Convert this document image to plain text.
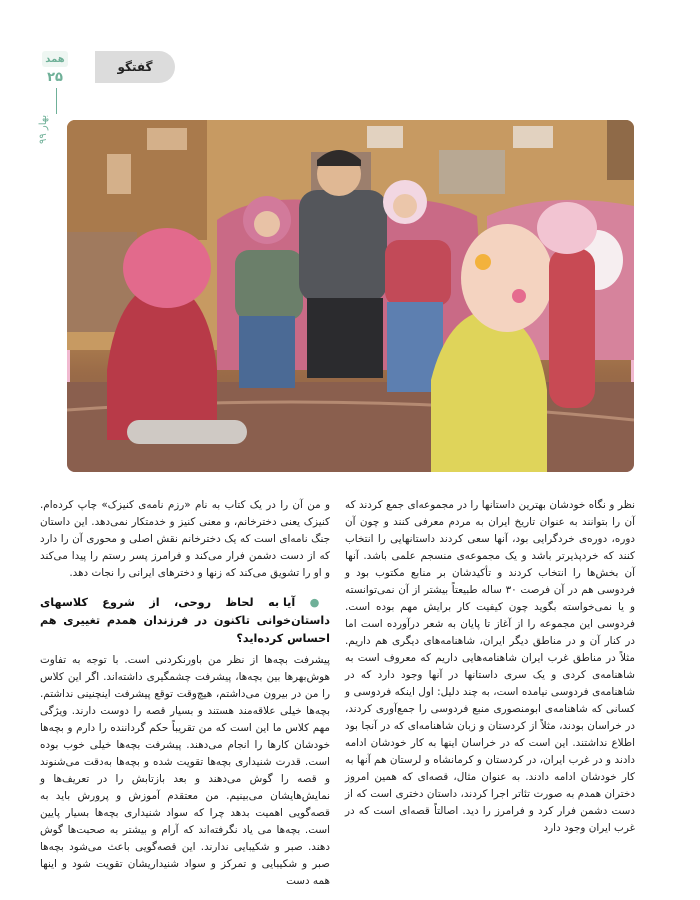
گفتگو
همد
۲۵
بهار ۹۹

نظر و نگاه خودشان بهترین داستانها را در مجموعه‌ای جمع کردند که آن را بتوانند به عنوان تاریخ ایران به مردم معرفی کنند و چون آن دوره، دوره‌ی خردگرایی بود، آنها سعی کردند داستانهایی را انتخاب کنند که خردپذیرتر باشد و یک مجموعه‌ی منسجم علمی باشد. آنها آن بخش‌ها را انتخاب کردند و تأکیدشان بر منابع مکتوب بود و فردوسی هم در آن فرصت ۳۰ ساله طبیعتاً بیشتر از آن نمی‌توانسته و یا نمی‌خواسته بگوید چون کیفیت کار برایش مهم بوده است. فردوسی این مجموعه را از آغاز تا پایان به شعر درآورده است اما در کنار آن و در مناطق دیگر ایران، شاهنامه‌های دیگری هم داریم. مثلاً در مناطق غرب ایران شاهنامه‌هایی داریم که معروف است به شاهنامه‌ی کردی و یک سری داستانها در آنها وجود دارد که در شاهنامه‌ی فردوسی نیامده است، به چند دلیل: اول اینکه فردوسی و کسانی که شاهنامه‌ی ابومنصوری منبع فردوسی را جمع‌آوری کردند، در خراسان بودند، مثلاً از کردستان و زبان شاهنامه‌ای که در آنجا بود اطلاع نداشتند. این است که در خراسان اینها به کار خودشان ادامه دادند و در غرب ایران، در کردستان و کرمانشاه و لرستان هم آنها به کار خودشان ادامه دادند. به عنوان مثال، قصه‌ای که همین امروز دختران همدم به صورت تئاتر اجرا کردند، داستان دختری است که از دست دشمن فرار کرد و فرامرز را دید. اصالتاً قصه‌ای است که در غرب ایران وجود دارد

و من آن را در یک کتاب به نام «رزم نامه‌ی کنیزک» چاپ کرده‌ام. کنیزک یعنی دخترخانم، و معنی کنیز و خدمتکار نمی‌دهد. این داستان جنگ نامه‌ای است که یک دخترخانم نقش اصلی و محوری آن را دارد که از دست دشمن فرار می‌کند و فرامرز پسر رستم را پیدا می‌کند و او را تشویق می‌کند که زنها و دخترهای ایرانی را نجات دهد.

● آیا به لحاظ روحی، از شروع کلاسهای داستان‌خوانی تاکنون در فرزندان همدم تغییری هم احساس کرده‌اید؟

پیشرفت بچه‌ها از نظر من باورنکردنی است. با توجه به تفاوت هوش‌بهرها بین بچه‌ها، پیشرفت چشمگیری داشته‌اند. اگر این کلاس را من در بیرون می‌داشتم، هیچ‌وقت توقع پیشرفت اینچنینی نداشتم. بچه‌ها خیلی علاقه‌مند هستند و بسیار قصه را دوست دارند. ویژگی مهم کلاس ما این است که من تقریباً حکم گرداننده را دارم و بچه‌ها خودشان کارها را انجام می‌دهند. پیشرفت بچه‌ها خیلی خوب بوده است. قدرت شنیداری بچه‌ها تقویت شده و بچه‌ها به‌دقت می‌شنوند و قصه را گوش می‌دهند و بعد بازتابش را در تعریف‌ها و نمایش‌هایشان می‌بینیم. من معتقدم آموزش و پرورش باید به قصه‌گویی اهمیت بدهد چرا که سواد شنیداری بچه‌ها بسیار پایین است. بچه‌ها می‌ یاد نگرفته‌اند که آرام و بیشتر به صحبت‌ها گوش دهند. صبر و شکیبایی ندارند. این قصه‌گویی باعث می‌شود بچه‌ها صبر و شکیبایی و تمرکز و سواد شنیداریشان تقویت شود و اینها همه دست
